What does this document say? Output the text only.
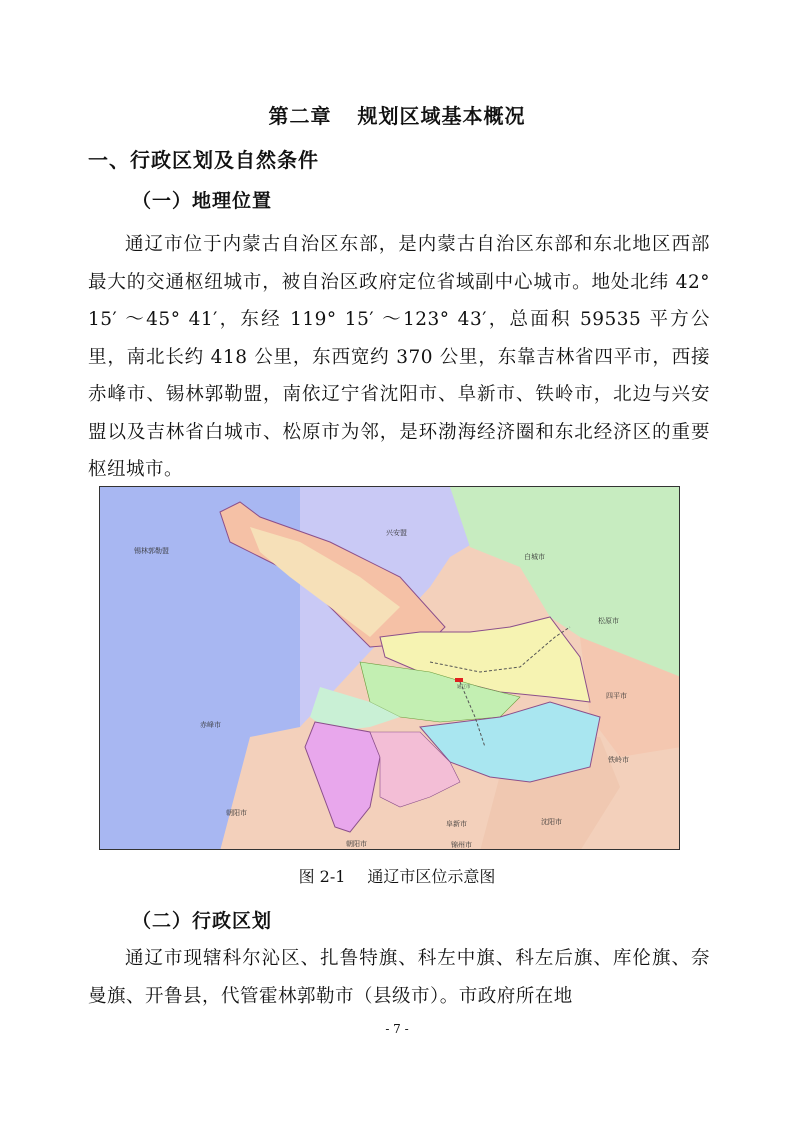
第二章 规划区域基本概况
一、行政区划及自然条件
（一）地理位置
通辽市位于内蒙古自治区东部，是内蒙古自治区东部和东北地区西部最大的交通枢纽城市，被自治区政府定位省域副中心城市。地处北纬 42° 15′ ～45° 41′，东经 119° 15′ ～123° 43′，总面积 59535 平方公里，南北长约 418 公里，东西宽约 370 公里，东靠吉林省四平市，西接赤峰市、锡林郭勒盟，南依辽宁省沈阳市、阜新市、铁岭市，北边与兴安盟以及吉林省白城市、松原市为邻，是环渤海经济圈和东北经济区的重要枢纽城市。
锡林郭勒盟
兴安盟
白城市
松原市
四平市
铁岭市
沈阳市
阜新市
锦州市
朝阳市
朝阳市
赤峰市
通辽市
图 2-1 通辽市区位示意图
（二）行政区划
通辽市现辖科尔沁区、扎鲁特旗、科左中旗、科左后旗、库伦旗、奈曼旗、开鲁县，代管霍林郭勒市（县级市）。市政府所在地
- 7 -
